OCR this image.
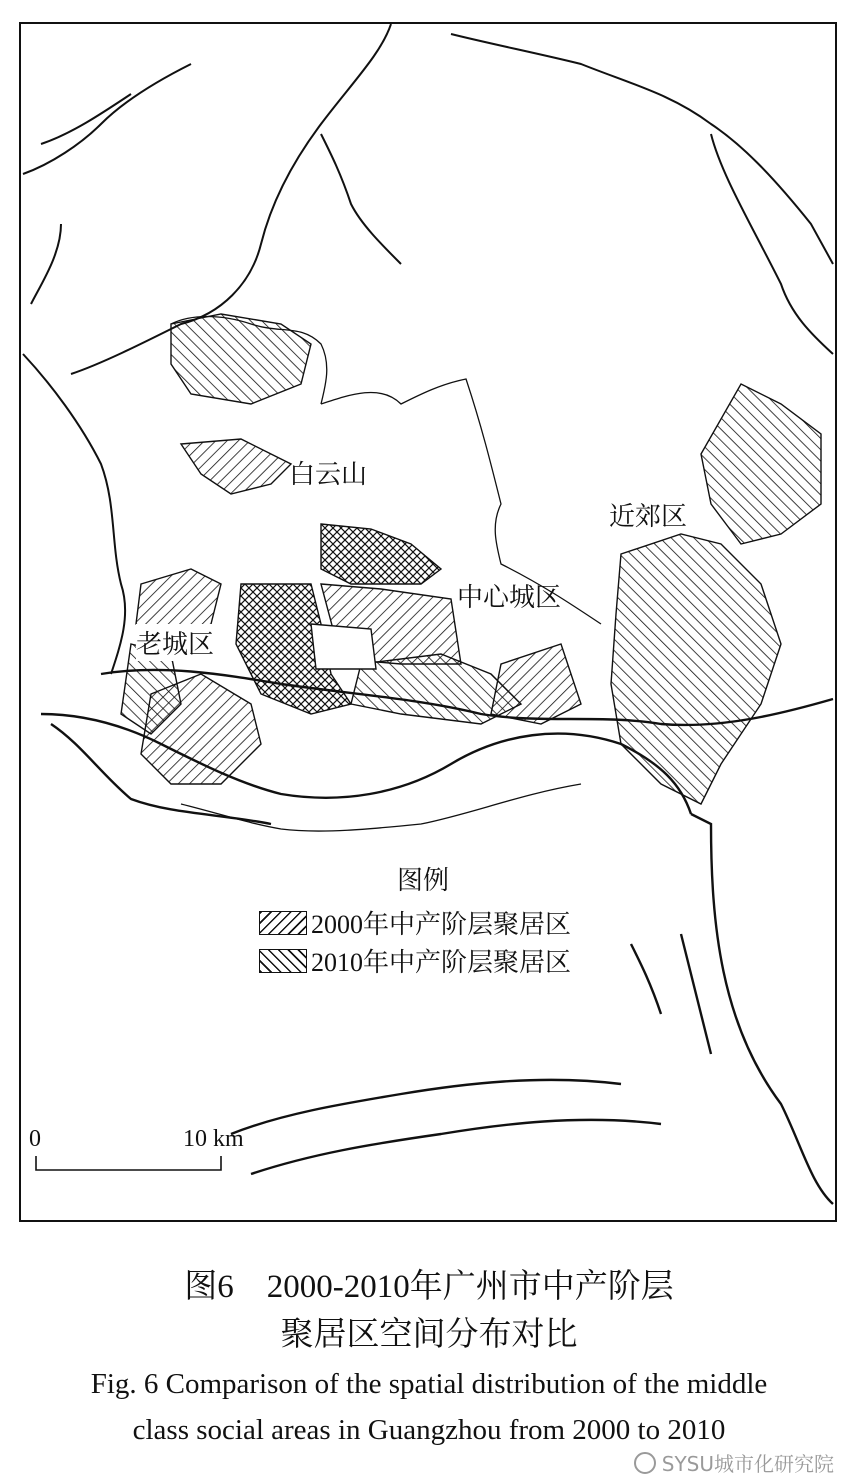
白云山
近郊区
中心城区
老城区
图例
2000年中产阶层聚居区
2010年中产阶层聚居区
0	10 km
图6　2000-2010年广州市中产阶层
聚居区空间分布对比
Fig. 6 Comparison of the spatial distribution of the middle
class social areas in Guangzhou from 2000 to 2010
SYSU城市化研究院
